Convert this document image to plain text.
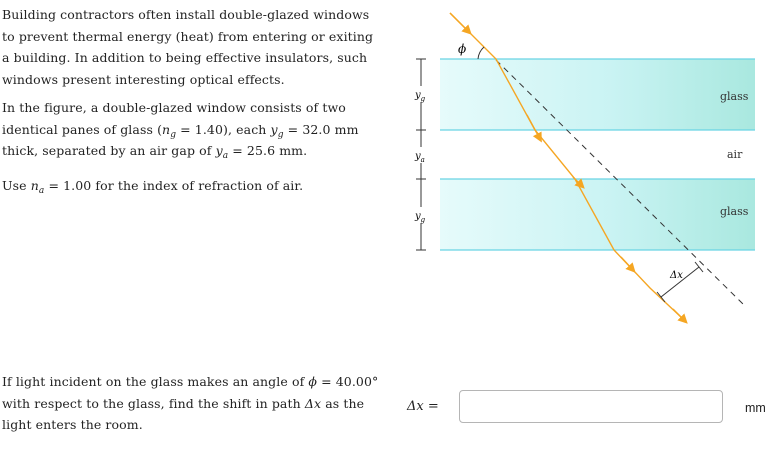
Building contractors often install double-glazed windows to prevent thermal energy (heat) from entering or exiting a building. In addition to being effective insulators, such windows present interesting optical effects.
In the figure, a double-glazed window consists of two identical panes of glass $(n_g = 1.40)$, each $y_g = 32.0$ mm thick, separated by an air gap of $y_a = 25.6$ mm.
Use $n_a = 1.00$ for the index of refraction of air.
If light incident on the glass makes an angle of ϕ = 40.00° with respect to the glass, find the shift in path Δx as the light enters the room.
$y_g$
$y_a$
$y_g$
ϕ
Δx
glass
air
glass
Δx =	mm
